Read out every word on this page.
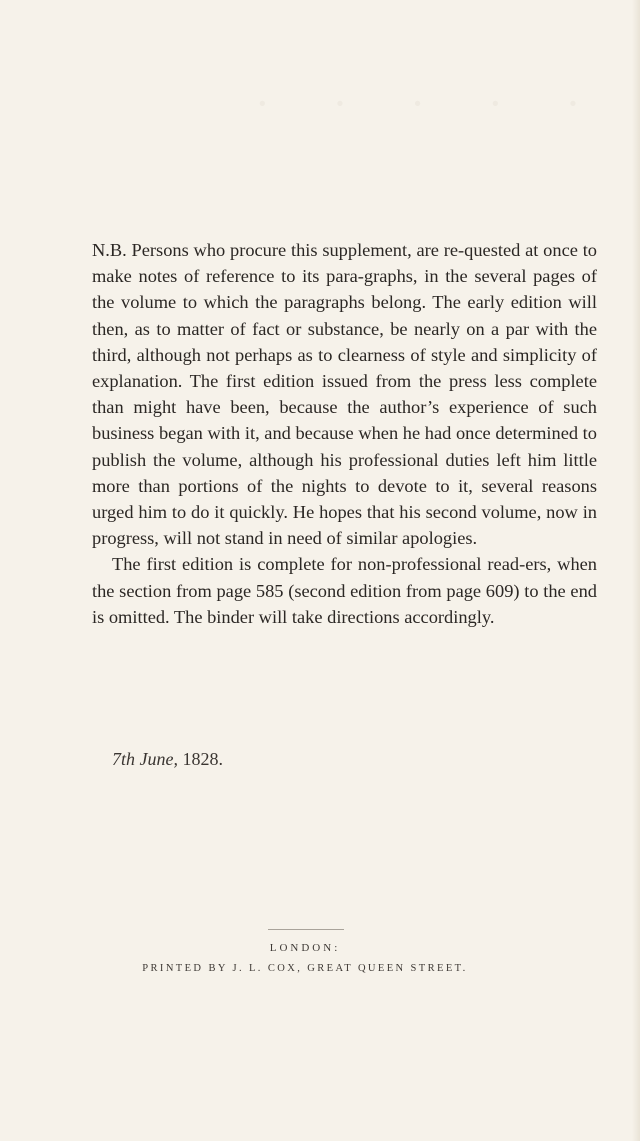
· · · · ·

N.B. Persons who procure this supplement, are re-quested at once to make notes of reference to its para-graphs, in the several pages of the volume to which the paragraphs belong. The early edition will then, as to matter of fact or substance, be nearly on a par with the third, although not perhaps as to clearness of style and simplicity of explanation. The first edition issued from the press less complete than might have been, because the author’s experience of such business began with it, and because when he had once determined to publish the volume, although his professional duties left him little more than portions of the nights to devote to it, several reasons urged him to do it quickly. He hopes that his second volume, now in progress, will not stand in need of similar apologies.

The first edition is complete for non-professional read-ers, when the section from page 585 (second edition from page 609) to the end is omitted. The binder will take directions accordingly.

7th June, 1828.
LONDON:
PRINTED BY J. L. COX, GREAT QUEEN STREET.
